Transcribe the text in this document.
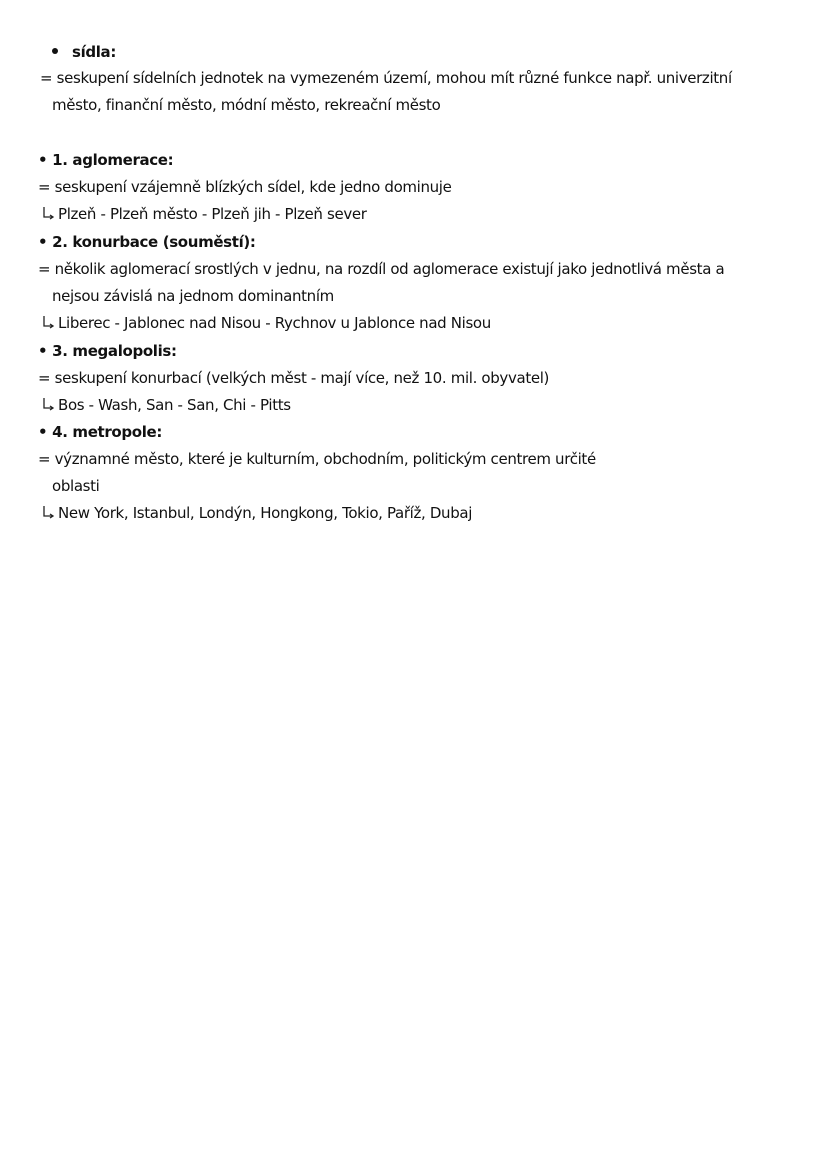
sídla:
= seskupení sídelních jednotek na vymezeném území, mohou mít různé funkce např. univerzitní
město, finanční město, módní město, rekreační město
• 1. aglomerace:
= seskupení vzájemně blízkých sídel, kde jedno dominuje
Plzeň - Plzeň město - Plzeň jih - Plzeň sever
• 2. konurbace (souměstí):
= několik aglomerací srostlých v jednu, na rozdíl od aglomerace existují jako jednotlivá města a
nejsou závislá na jednom dominantním
Liberec - Jablonec nad Nisou - Rychnov u Jablonce nad Nisou
• 3. megalopolis:
= seskupení konurbací (velkých měst - mají více, než 10. mil. obyvatel)
Bos - Wash, San - San, Chi - Pitts
• 4. metropole:
= významné město, které je kulturním, obchodním, politickým centrem určité
oblasti
New York, Istanbul, Londýn, Hongkong, Tokio, Paříž, Dubaj
